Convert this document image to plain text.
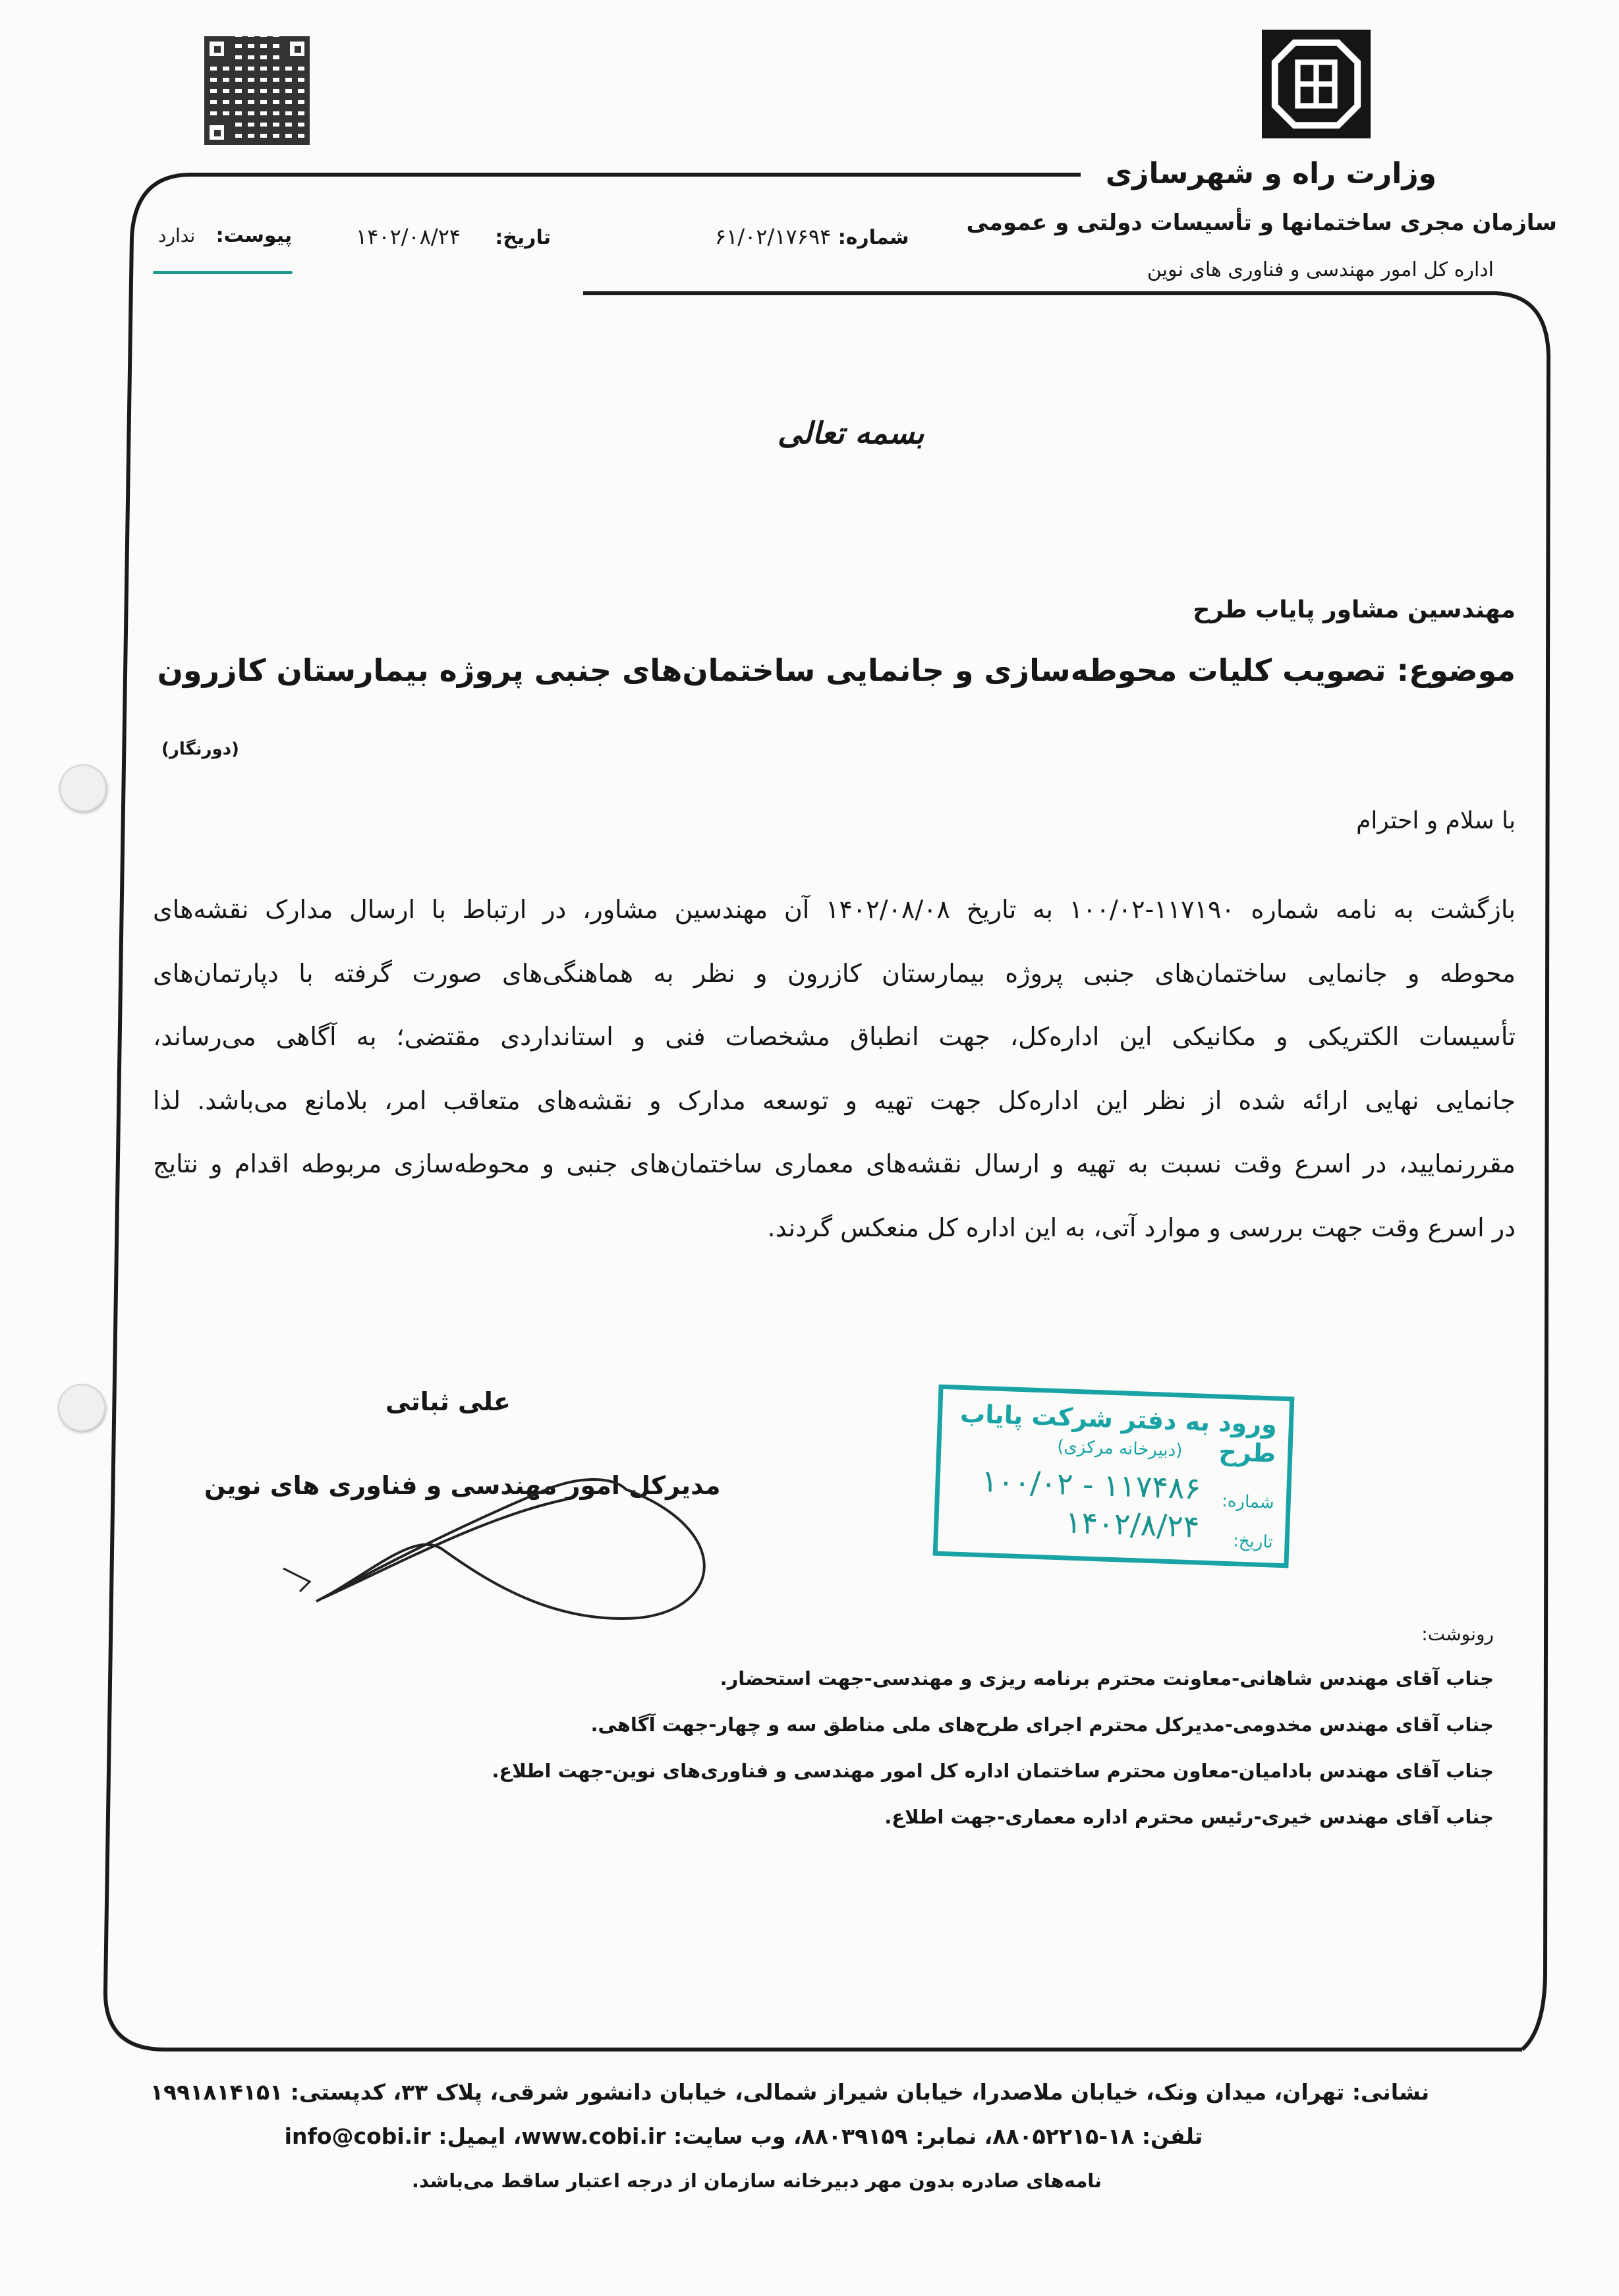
وزارت راه و شهرسازی
سازمان مجری ساختمانها و تأسیسات دولتی و عمومی
اداره کل امور مهندسی و فناوری های نوین
شماره: ۶۱/۰۲/۱۷۶۹۴
تاریخ:     ۱۴۰۲/۰۸/۲۴
پیوست:   ندارد
بسمه تعالی
مهندسین مشاور پایاب طرح
موضوع: تصویب کلیات محوطه‌سازی و جانمایی ساختمان‌های جنبی پروژه بیمارستان کازرون
(دورنگار)
با سلام و احترام
بازگشت به نامه شماره ۱۱۷۱۹۰-۱۰۰/۰۲ به تاریخ ۱۴۰۲/۰۸/۰۸ آن مهندسین مشاور، در ارتباط با ارسال مدارک نقشه‌های
محوطه و جانمایی ساختمان‌های جنبی پروژه بیمارستان کازرون و نظر به هماهنگی‌های صورت گرفته با دپارتمان‌های
تأسیسات الکتریکی و مکانیکی این اداره‌کل، جهت انطباق مشخصات فنی و استانداردی مقتضی؛ به آگاهی می‌رساند،
جانمایی نهایی ارائه شده از نظر این اداره‌کل جهت تهیه و توسعه مدارک و نقشه‌های متعاقب امر، بلامانع می‌باشد. لذا
مقررنمایید، در اسرع وقت نسبت به تهیه و ارسال نقشه‌های معماری ساختمان‌های جنبی و محوطه‌سازی مربوطه اقدام و نتایج
در اسرع وقت جهت بررسی و موارد آتی، به این اداره کل منعکس گردند.
علی ثباتی
مدیرکل امور مهندسی و فناوری های نوین
ورود به دفتر شرکت پایاب طرح
(دبیرخانه مرکزی)
شماره:
۱۱۷۴۸۶ - ۱۰۰/۰۲
تاریخ:
۱۴۰۲/۸/۲۴
رونوشت:
جناب آقای مهندس شاهانی-معاونت محترم برنامه ریزی و مهندسی-جهت استحضار.
جناب آقای مهندس مخدومی-مدیرکل محترم اجرای طرح‌های ملی مناطق سه و چهار-جهت آگاهی.
جناب آقای مهندس بادامیان-معاون محترم ساختمان اداره کل امور مهندسی و فناوری‌های نوین-جهت اطلاع.
جناب آقای مهندس خیری-رئیس محترم اداره معماری-جهت اطلاع.
نشانی: تهران، میدان ونک، خیابان ملاصدرا، خیابان شیراز شمالی، خیابان دانشور شرقی، پلاک ۳۳، کدپستی: ۱۹۹۱۸۱۴۱۵۱
تلفن: ۱۸-۸۸۰۵۲۲۱۵، نمابر: ۸۸۰۳۹۱۵۹، وب سایت: www.cobi.ir، ایمیل: info@cobi.ir
نامه‌های صادره بدون مهر دبیرخانه سازمان از درجه اعتبار ساقط می‌باشد.
